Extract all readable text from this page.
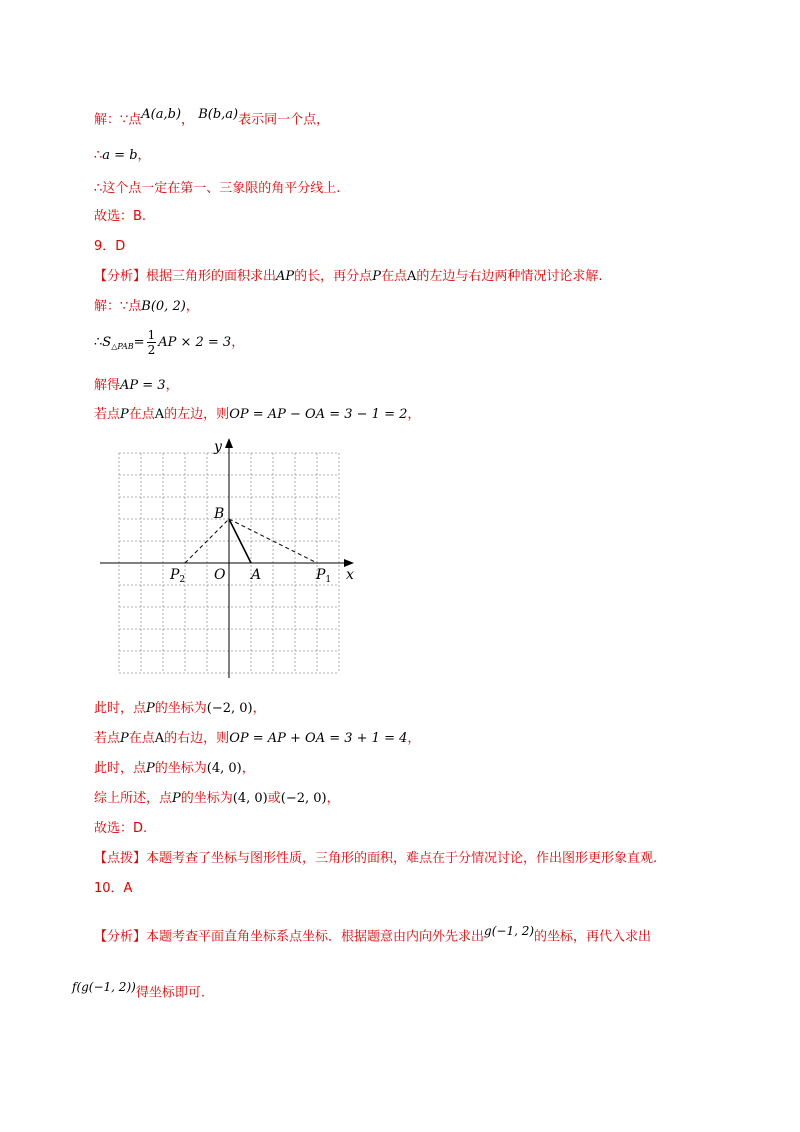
解：∵点$^{A(a,b)}$， $^{B(b,a)}$表示同一个点，
∴a = b，
∴这个点一定在第一、三象限的角平分线上.
故选：B.
9．D
【分析】根据三角形的面积求出AP的长，再分点P在点A的左边与右边两种情况讨论求解.
解：∵点B(0, 2)，
$\therefore S_{\triangle PAB}= \frac{1}{2}$ AP × 2 = 3，
解得AP = 3，
若点P在点A的左边，则OP = AP − OA = 3 − 1 = 2，
y
x
B
O A
$P_2$	$P_1$
此时，点P的坐标为(−2, 0)，
若点P在点A的右边，则OP = AP + OA = 3 + 1 = 4，
此时，点P的坐标为(4, 0)，
综上所述，点P的坐标为(4, 0)或(−2, 0)，
故选：D.
【点拨】本题考查了坐标与图形性质，三角形的面积，难点在于分情况讨论，作出图形更形象直观.
10．A
【分析】本题考查平面直角坐标系点坐标．根据题意由内向外先求出$^{g(-1, 2)}$的坐标，再代入求出
$^{f(g(-1, 2))}$得坐标即可.
